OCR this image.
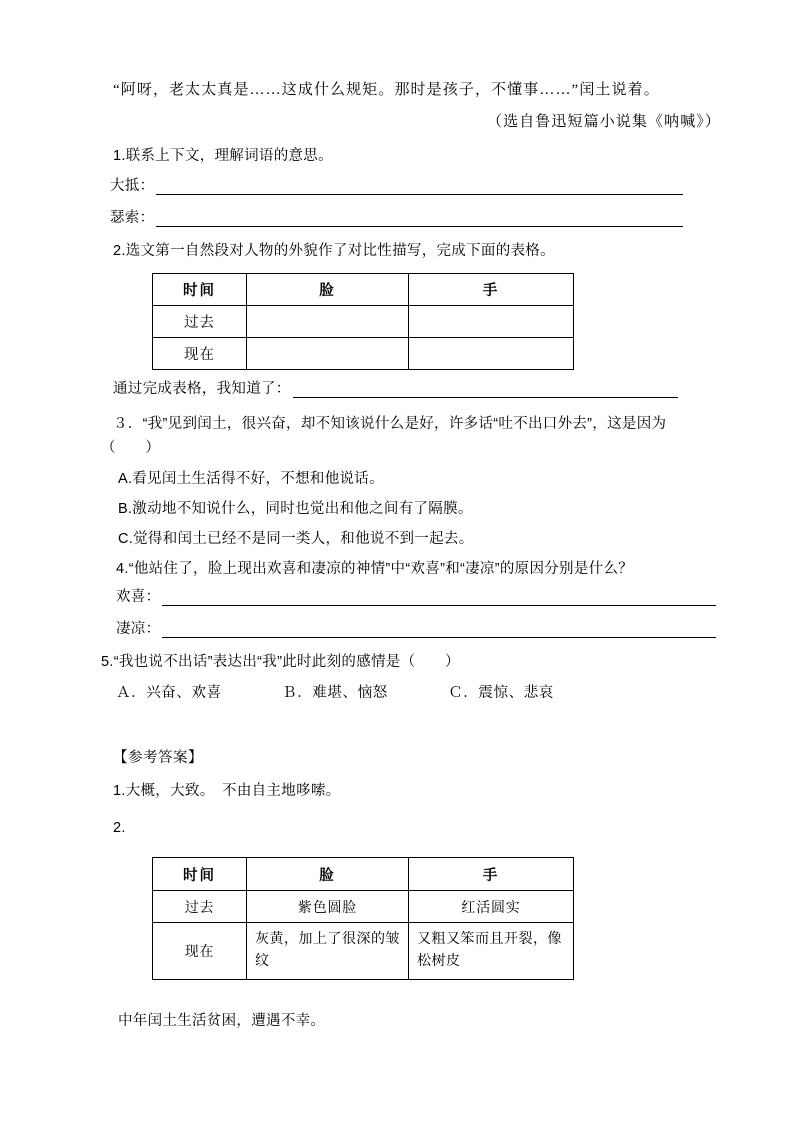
“阿呀，老太太真是……这成什么规矩。那时是孩子，不懂事……”闰土说着。
（选自鲁迅短篇小说集《呐喊》）
1.联系上下文，理解词语的意思。
大抵：
瑟索：
2.选文第一自然段对人物的外貌作了对比性描写，完成下面的表格。
时间	脸	手
过去		
现在		
通过完成表格，我知道了：
３．“我”见到闰土，很兴奋，却不知该说什么是好，许多话“吐不出口外去”，这是因为
（　　）
A.看见闰土生活得不好，不想和他说话。
B.激动地不知说什么，同时也觉出和他之间有了隔膜。
C.觉得和闰土已经不是同一类人，和他说不到一起去。
4.“他站住了，脸上现出欢喜和凄凉的神情”中“欢喜”和“凄凉”的原因分别是什么？
欢喜：
凄凉：
5.“我也说不出话”表达出“我”此时此刻的感情是（　　）
Ａ．兴奋、欢喜　　　　Ｂ．难堪、恼怒　　　　Ｃ．震惊、悲哀
【参考答案】
1.大概，大致。　不由自主地哆嗦。
2.
时间	脸	手
过去	紫色圆脸	红活圆实
现在	灰黄，加上了很深的皱纹	又粗又笨而且开裂，像松树皮
中年闰土生活贫困，遭遇不幸。
